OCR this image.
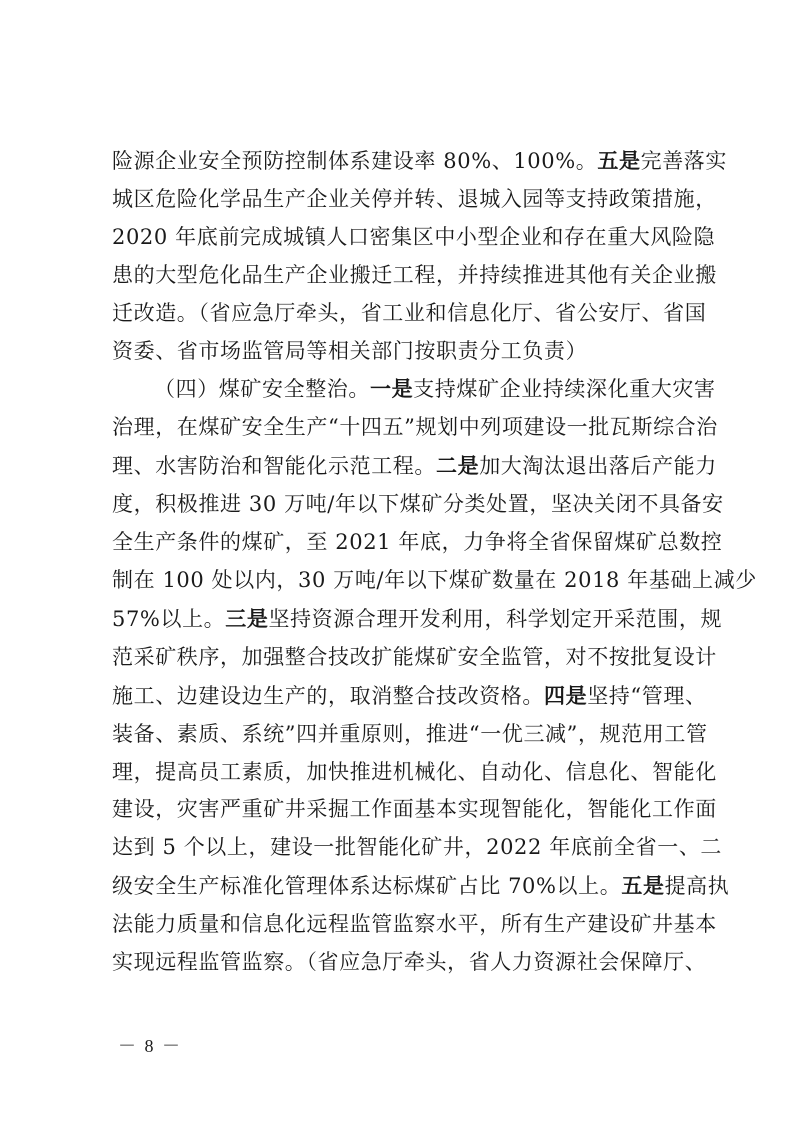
险源企业安全预防控制体系建设率 80%、100%。五是完善落实
城区危险化学品生产企业关停并转、退城入园等支持政策措施，
2020 年底前完成城镇人口密集区中小型企业和存在重大风险隐
患的大型危化品生产企业搬迁工程，并持续推进其他有关企业搬
迁改造。（省应急厅牵头，省工业和信息化厅、省公安厅、省国
资委、省市场监管局等相关部门按职责分工负责）
（四）煤矿安全整治。一是支持煤矿企业持续深化重大灾害
治理，在煤矿安全生产“十四五”规划中列项建设一批瓦斯综合治
理、水害防治和智能化示范工程。二是加大淘汰退出落后产能力
度，积极推进 30 万吨/年以下煤矿分类处置，坚决关闭不具备安
全生产条件的煤矿，至 2021 年底，力争将全省保留煤矿总数控
制在 100 处以内，30 万吨/年以下煤矿数量在 2018 年基础上减少
57%以上。三是坚持资源合理开发利用，科学划定开采范围，规
范采矿秩序，加强整合技改扩能煤矿安全监管，对不按批复设计
施工、边建设边生产的，取消整合技改资格。四是坚持“管理、
装备、素质、系统”四并重原则，推进“一优三减”，规范用工管
理，提高员工素质，加快推进机械化、自动化、信息化、智能化
建设，灾害严重矿井采掘工作面基本实现智能化，智能化工作面
达到 5 个以上，建设一批智能化矿井，2022 年底前全省一、二
级安全生产标准化管理体系达标煤矿占比 70%以上。五是提高执
法能力质量和信息化远程监管监察水平，所有生产建设矿井基本
实现远程监管监察。（省应急厅牵头，省人力资源社会保障厅、
－ 8 －
